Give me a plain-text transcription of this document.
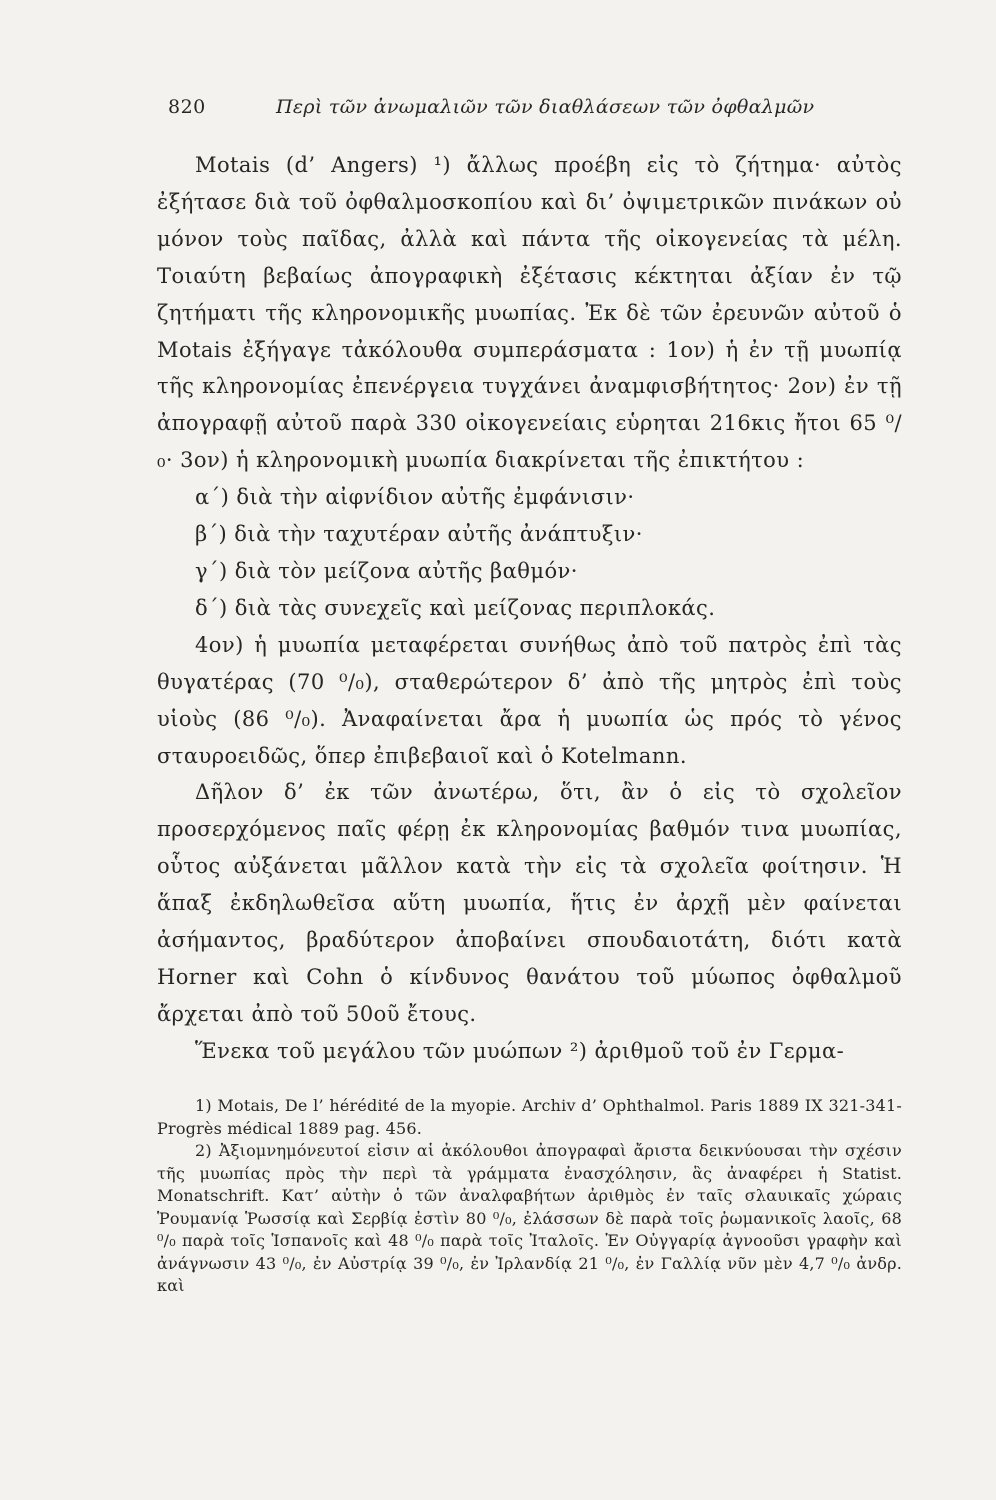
820	Περὶ τῶν ἀνωμαλιῶν τῶν διαθλάσεων τῶν ὀφθαλμῶν

Motais (d’ Angers) ¹) ἄλλως προέβη εἰς τὸ ζήτημα· αὐτὸς ἐξήτασε διὰ τοῦ ὀφθαλμοσκοπίου καὶ δι’ ὀψιμετρικῶν πινάκων οὐ μόνον τοὺς παῖδας, ἀλλὰ καὶ πάντα τῆς οἰκογενείας τὰ μέλη. Τοιαύτη βεβαίως ἀπογραφικὴ ἐξέτασις κέκτηται ἀξίαν ἐν τῷ ζητήματι τῆς κληρονομικῆς μυωπίας. Ἐκ δὲ τῶν ἐρευνῶν αὐτοῦ ὁ Motais ἐξήγαγε τἀκόλουθα συμπεράσματα : 1ον) ἡ ἐν τῇ μυωπίᾳ τῆς κληρονομίας ἐπενέργεια τυγχάνει ἀναμφισβήτητος· 2ον) ἐν τῇ ἀπογραφῇ αὐτοῦ παρὰ 330 οἰκογενείαις εὑρηται 216κις ἤτοι 65 ⁰/₀· 3ον) ἡ κληρονομικὴ μυωπία διακρίνεται τῆς ἐπικτήτου :

α΄) διὰ τὴν αἰφνίδιον αὐτῆς ἐμφάνισιν·

β΄) διὰ τὴν ταχυτέραν αὐτῆς ἀνάπτυξιν·

γ΄) διὰ τὸν μείζονα αὐτῆς βαθμόν·

δ΄) διὰ τὰς συνεχεῖς καὶ μείζονας περιπλοκάς.

4ον) ἡ μυωπία μεταφέρεται συνήθως ἀπὸ τοῦ πατρὸς ἐπὶ τὰς θυγατέρας (70 ⁰/₀), σταθερώτερον δ’ ἀπὸ τῆς μητρὸς ἐπὶ τοὺς υἱοὺς (86 ⁰/₀). Ἀναφαίνεται ἄρα ἡ μυωπία ὡς πρός τὸ γένος σταυροειδῶς, ὅπερ ἐπιβεβαιοῖ καὶ ὁ Kotelmann.

Δῆλον δ’ ἐκ τῶν ἀνωτέρω, ὅτι, ἂν ὁ εἰς τὸ σχολεῖον προσερχόμενος παῖς φέρῃ ἐκ κληρονομίας βαθμόν τινα μυωπίας, οὗτος αὐξάνεται μᾶλλον κατὰ τὴν εἰς τὰ σχολεῖα φοίτησιν. Ἡ ἅπαξ ἐκδηλωθεῖσα αὕτη μυωπία, ἥτις ἐν ἀρχῇ μὲν φαίνεται ἀσήμαντος, βραδύτερον ἀποβαίνει σπουδαιοτάτη, διότι κατὰ Horner καὶ Cohn ὁ κίνδυνος θανάτου τοῦ μύωπος ὀφθαλμοῦ ἄρχεται ἀπὸ τοῦ 50οῦ ἔτους.

Ἕνεκα τοῦ μεγάλου τῶν μυώπων ²) ἀριθμοῦ τοῦ ἐν Γερμα-

1) Motais, De l’ hérédité de la myopie. Archiv d’ Ophthalmol. Paris 1889 IX 321-341-Progrès médical 1889 pag. 456.

2) Ἀξιομνημόνευτοί εἰσιν αἱ ἀκόλουθοι ἀπογραφαὶ ἄριστα δεικνύουσαι τὴν σχέσιν τῆς μυωπίας πρὸς τὴν περὶ τὰ γράμματα ἐνασχόλησιν, ἃς ἀναφέρει ἡ Statist. Monatschrift. Κατ’ αὐτὴν ὁ τῶν ἀναλφαβήτων ἀριθμὸς ἐν ταῖς σλαυικαῖς χώραις Ῥουμανίᾳ Ῥωσσίᾳ καὶ Σερβίᾳ ἐστὶν 80 ⁰/₀, ἐλάσσων δὲ παρὰ τοῖς ῥωμανικοῖς λαοῖς, 68 ⁰/₀ παρὰ τοῖς Ἱσπανοῖς καὶ 48 ⁰/₀ παρὰ τοῖς Ἰταλοῖς. Ἐν Οὐγγαρίᾳ ἀγνοοῦσι γραφὴν καὶ ἀνάγνωσιν 43 ⁰/₀, ἐν Αὐστρίᾳ 39 ⁰/₀, ἐν Ἰρλανδίᾳ 21 ⁰/₀, ἐν Γαλλίᾳ νῦν μὲν 4,7 ⁰/₀ ἀνδρ. καὶ
